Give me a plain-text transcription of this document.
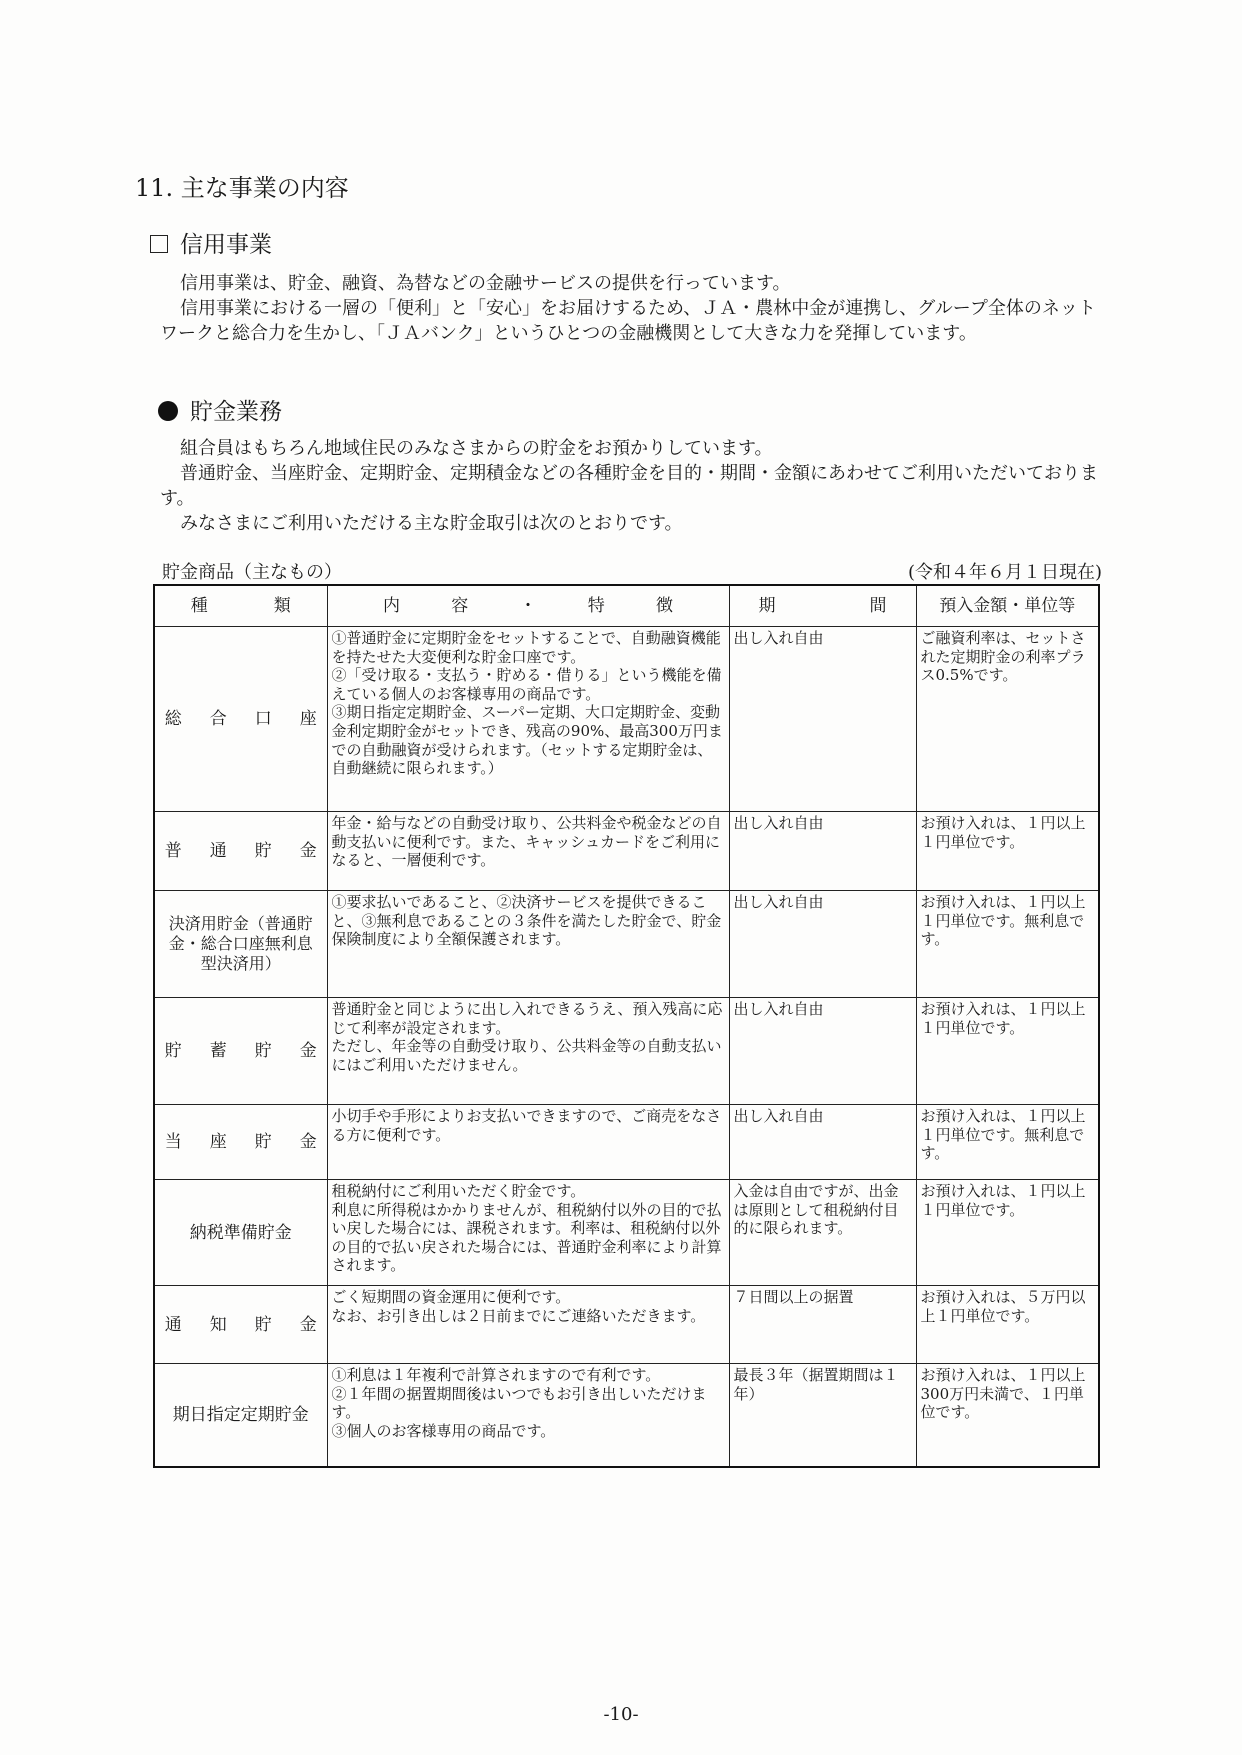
11. 主な事業の内容
信用事業

信用事業は、貯金、融資、為替などの金融サービスの提供を行っています。

信用事業における一層の「便利」と「安心」をお届けするため、ＪＡ・農林中金が連携し、グループ全体のネットワークと総合力を生かし、「ＪＡバンク」というひとつの金融機関として大きな力を発揮しています。

貯金業務

組合員はもちろん地域住民のみなさまからの貯金をお預かりしています。

普通貯金、当座貯金、定期貯金、定期積金などの各種貯金を目的・期間・金額にあわせてご利用いただいております。

みなさまにご利用いただける主な貯金取引は次のとおりです。

貯金商品（主なもの）	(令和４年６月１日現在)
種 類	内 容 ・ 特 徴	期 間	預入金額・単位等

総 合 口 座	①普通貯金に定期貯金をセットすることで、自動融資機能を持たせた大変便利な貯金口座です。
②「受け取る・支払う・貯める・借りる」という機能を備えている個人のお客様専用の商品です。
③期日指定定期貯金、スーパー定期、大口定期貯金、変動金利定期貯金がセットでき、残高の90%、最高300万円までの自動融資が受けられます。（セットする定期貯金は、自動継続に限られます。）	出し入れ自由	ご融資利率は、セットされた定期貯金の利率プラス0.5%です。

普 通 貯 金	年金・給与などの自動受け取り、公共料金や税金などの自動支払いに便利です。また、キャッシュカードをご利用になると、一層便利です。	出し入れ自由	お預け入れは、１円以上１円単位です。

決済用貯金（普通貯金・総合口座無利息型決済用）	①要求払いであること、②決済サービスを提供できること、③無利息であることの３条件を満たした貯金で、貯金保険制度により全額保護されます。	出し入れ自由	お預け入れは、１円以上１円単位です。無利息です。

貯 蓄 貯 金	普通貯金と同じように出し入れできるうえ、預入残高に応じて利率が設定されます。
ただし、年金等の自動受け取り、公共料金等の自動支払いにはご利用いただけません。	出し入れ自由	お預け入れは、１円以上１円単位です。

当 座 貯 金	小切手や手形によりお支払いできますので、ご商売をなさる方に便利です。	出し入れ自由	お預け入れは、１円以上１円単位です。無利息です。

納税準備貯金	租税納付にご利用いただく貯金です。
利息に所得税はかかりませんが、租税納付以外の目的で払い戻した場合には、課税されます。利率は、租税納付以外の目的で払い戻された場合には、普通貯金利率により計算されます。	入金は自由ですが、出金は原則として租税納付目的に限られます。	お預け入れは、１円以上１円単位です。

通 知 貯 金	ごく短期間の資金運用に便利です。
なお、お引き出しは２日前までにご連絡いただきます。	７日間以上の据置	お預け入れは、５万円以上１円単位です。

期日指定定期貯金	①利息は１年複利で計算されますので有利です。
②１年間の据置期間後はいつでもお引き出しいただけます。
③個人のお客様専用の商品です。	最長３年（据置期間は１年）	お預け入れは、１円以上300万円未満で、１円単位です。
-10-
